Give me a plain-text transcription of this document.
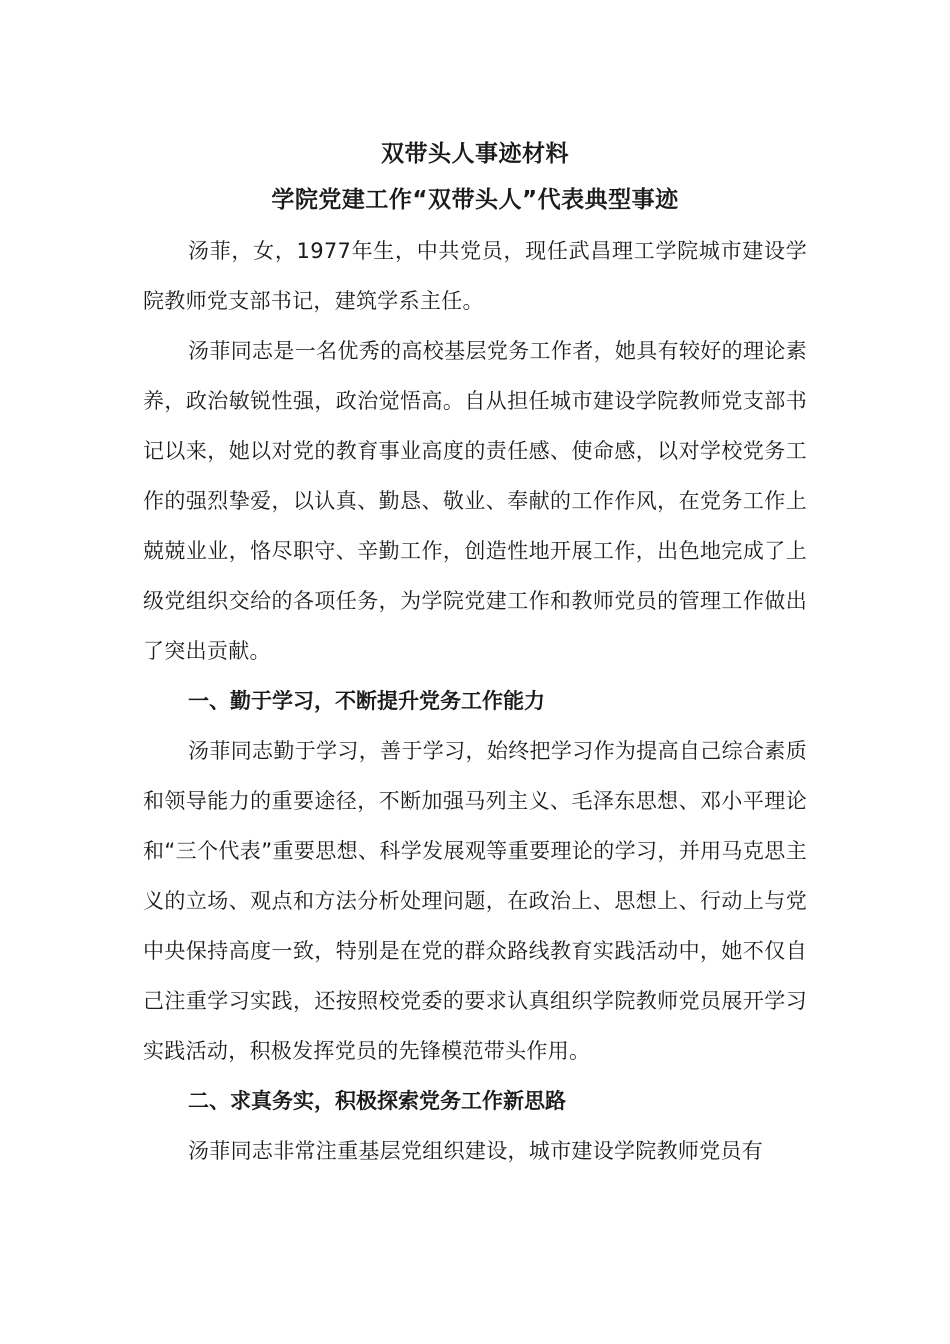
双带头人事迹材料
学院党建工作“双带头人”代表典型事迹

汤菲，女，1977年生，中共党员，现任武昌理工学院城市建设学院教师党支部书记，建筑学系主任。

汤菲同志是一名优秀的高校基层党务工作者，她具有较好的理论素养，政治敏锐性强，政治觉悟高。自从担任城市建设学院教师党支部书记以来，她以对党的教育事业高度的责任感、使命感，以对学校党务工作的强烈挚爱，以认真、勤恳、敬业、奉献的工作作风，在党务工作上兢兢业业，恪尽职守、辛勤工作，创造性地开展工作，出色地完成了上级党组织交给的各项任务，为学院党建工作和教师党员的管理工作做出了突出贡献。

一、勤于学习，不断提升党务工作能力

汤菲同志勤于学习，善于学习，始终把学习作为提高自己综合素质和领导能力的重要途径，不断加强马列主义、毛泽东思想、邓小平理论和“三个代表”重要思想、科学发展观等重要理论的学习，并用马克思主义的立场、观点和方法分析处理问题，在政治上、思想上、行动上与党中央保持高度一致，特别是在党的群众路线教育实践活动中，她不仅自己注重学习实践，还按照校党委的要求认真组织学院教师党员展开学习实践活动，积极发挥党员的先锋模范带头作用。

二、求真务实，积极探索党务工作新思路

汤菲同志非常注重基层党组织建设，城市建设学院教师党员有
